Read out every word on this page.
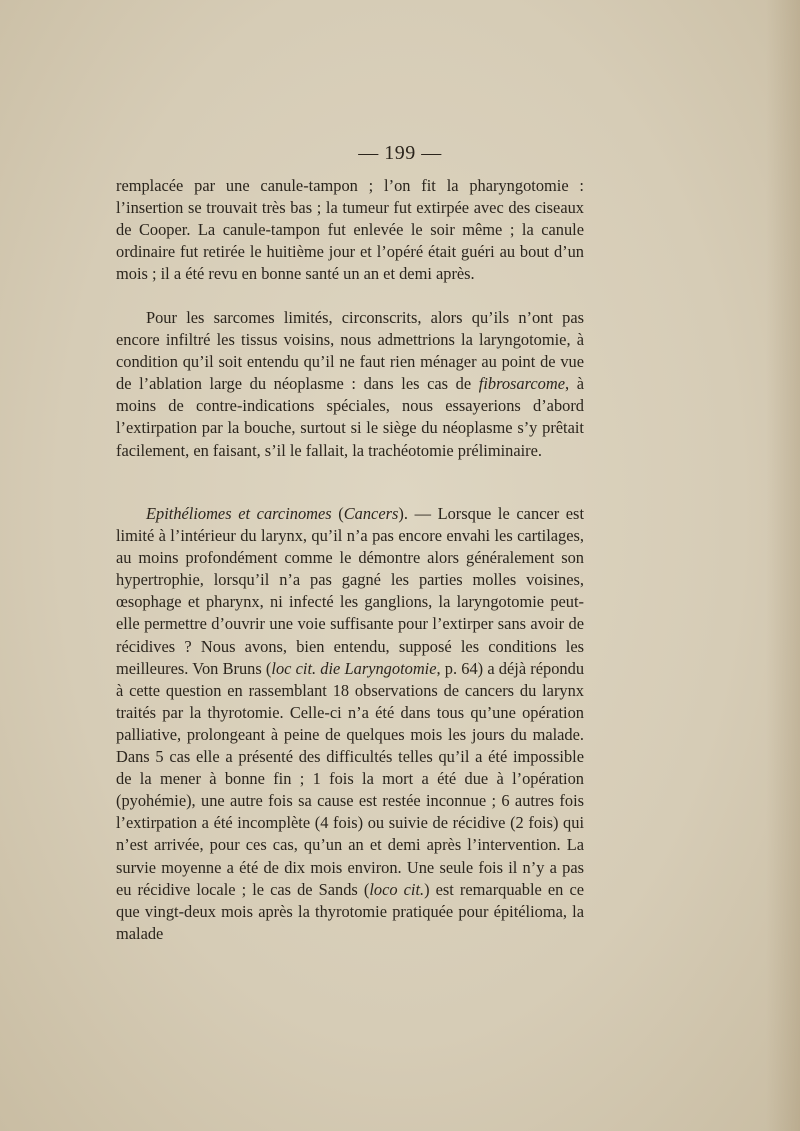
— 199 —

remplacée par une canule-tampon ; l’on fit la pharyngotomie : l’insertion se trouvait très bas ; la tumeur fut extirpée avec des ciseaux de Cooper. La canule-tampon fut enlevée le soir même ; la canule ordinaire fut retirée le huitième jour et l’opéré était guéri au bout d’un mois ; il a été revu en bonne santé un an et demi après.

Pour les sarcomes limités, circonscrits, alors qu’ils n’ont pas encore infiltré les tissus voisins, nous admettrions la laryngotomie, à condition qu’il soit entendu qu’il ne faut rien ménager au point de vue de l’ablation large du néoplasme : dans les cas de fibrosarcome, à moins de contre-indications spéciales, nous essayerions d’abord l’extirpation par la bouche, surtout si le siège du néoplasme s’y prêtait facilement, en faisant, s’il le fallait, la trachéotomie préliminaire.

Epithéliomes et carcinomes (Cancers). — Lorsque le cancer est limité à l’intérieur du larynx, qu’il n’a pas encore envahi les cartilages, au moins profondément comme le démontre alors généralement son hypertrophie, lorsqu’il n’a pas gagné les parties molles voisines, œsophage et pharynx, ni infecté les ganglions, la laryngotomie peut-elle permettre d’ouvrir une voie suffisante pour l’extirper sans avoir de récidives ? Nous avons, bien entendu, supposé les conditions les meilleures. Von Bruns (loc cit. die Laryngotomie, p. 64) a déjà répondu à cette question en rassemblant 18 observations de cancers du larynx traités par la thyrotomie. Celle-ci n’a été dans tous qu’une opération palliative, prolongeant à peine de quelques mois les jours du malade. Dans 5 cas elle a présenté des difficultés telles qu’il a été impossible de la mener à bonne fin ; 1 fois la mort a été due à l’opération (pyohémie), une autre fois sa cause est restée inconnue ; 6 autres fois l’extirpation a été incomplète (4 fois) ou suivie de récidive (2 fois) qui n’est arrivée, pour ces cas, qu’un an et demi après l’intervention. La survie moyenne a été de dix mois environ. Une seule fois il n’y a pas eu récidive locale ; le cas de Sands (loco cit.) est remarquable en ce que vingt-deux mois après la thyrotomie pratiquée pour épitélioma, la malade
